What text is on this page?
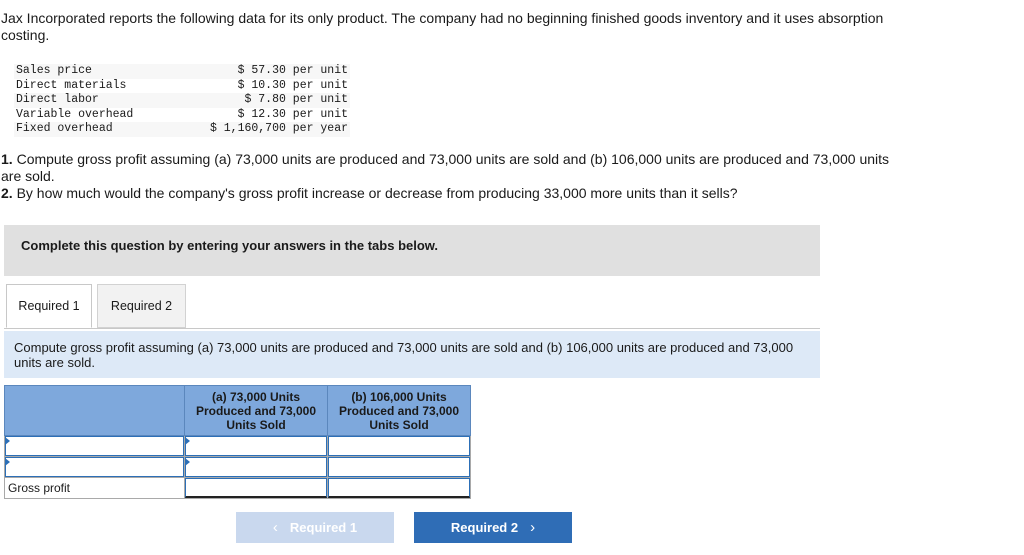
Jax Incorporated reports the following data for its only product. The company had no beginning finished goods inventory and it uses absorption costing.
Sales price	$ 57.30 per unit
Direct materials	$ 10.30 per unit
Direct labor	$ 7.80 per unit
Variable overhead	$ 12.30 per unit
Fixed overhead	$ 1,160,700 per year
1. Compute gross profit assuming (a) 73,000 units are produced and 73,000 units are sold and (b) 106,000 units are produced and 73,000 units are sold.
2. By how much would the company's gross profit increase or decrease from producing 33,000 more units than it sells?
Complete this question by entering your answers in the tabs below.
Required 1	Required 2
Compute gross profit assuming (a) 73,000 units are produced and 73,000 units are sold and (b) 106,000 units are produced and 73,000 units are sold.
	(a) 73,000 Units Produced and 73,000 Units Sold	(b) 106,000 Units Produced and 73,000 Units Sold

Gross profit		
‹ Required 1	Required 2 ›
